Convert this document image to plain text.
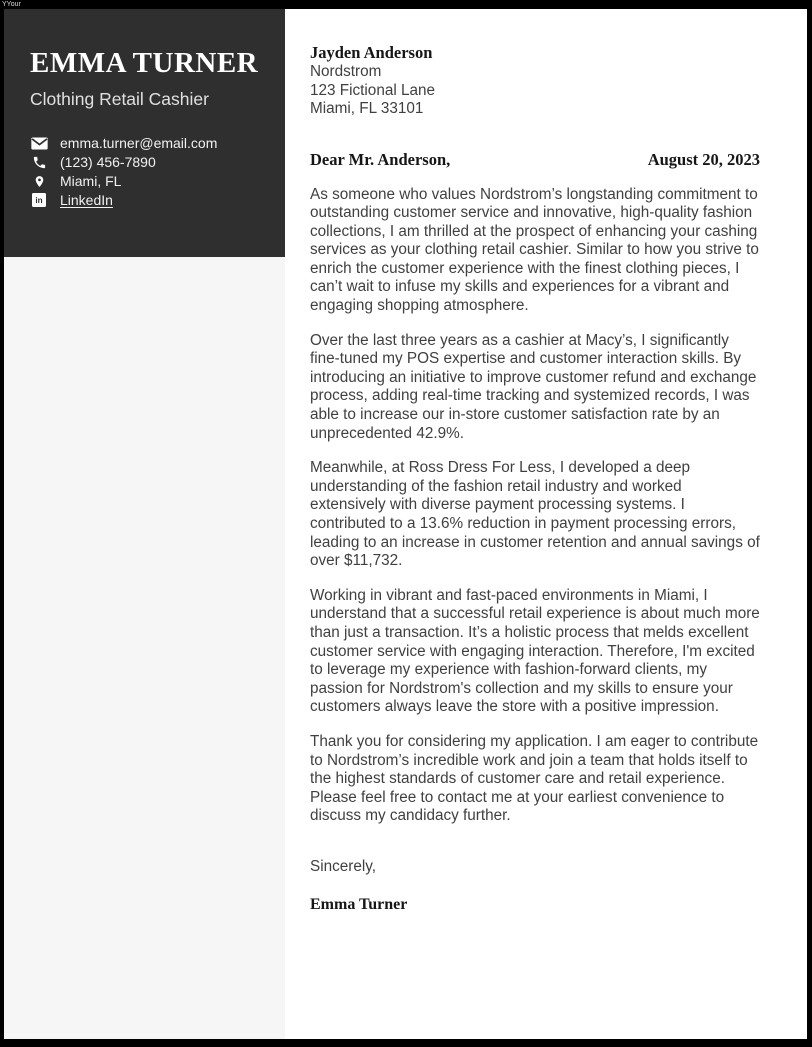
YYour
EMMA TURNER
Clothing Retail Cashier
emma.turner@email.com
(123) 456-7890
Miami, FL
in LinkedIn
Jayden Anderson
Nordstrom
123 Fictional Lane
Miami, FL 33101
Dear Mr. Anderson,	August 20, 2023

As someone who values Nordstrom’s longstanding commitment to outstanding customer service and innovative, high-quality fashion collections, I am thrilled at the prospect of enhancing your cashing services as your clothing retail cashier. Similar to how you strive to enrich the customer experience with the finest clothing pieces, I can’t wait to infuse my skills and experiences for a vibrant and engaging shopping atmosphere.

Over the last three years as a cashier at Macy’s, I significantly fine-tuned my POS expertise and customer interaction skills. By introducing an initiative to improve customer refund and exchange process, adding real-time tracking and systemized records, I was able to increase our in-store customer satisfaction rate by an unprecedented 42.9%.

Meanwhile, at Ross Dress For Less, I developed a deep understanding of the fashion retail industry and worked extensively with diverse payment processing systems. I contributed to a 13.6% reduction in payment processing errors, leading to an increase in customer retention and annual savings of over $11,732.

Working in vibrant and fast-paced environments in Miami, I understand that a successful retail experience is about much more than just a transaction. It’s a holistic process that melds excellent customer service with engaging interaction. Therefore, I'm excited to leverage my experience with fashion-forward clients, my passion for Nordstrom's collection and my skills to ensure your customers always leave the store with a positive impression.

Thank you for considering my application. I am eager to contribute to Nordstrom’s incredible work and join a team that holds itself to the highest standards of customer care and retail experience. Please feel free to contact me at your earliest convenience to discuss my candidacy further.

Sincerely,

Emma Turner
